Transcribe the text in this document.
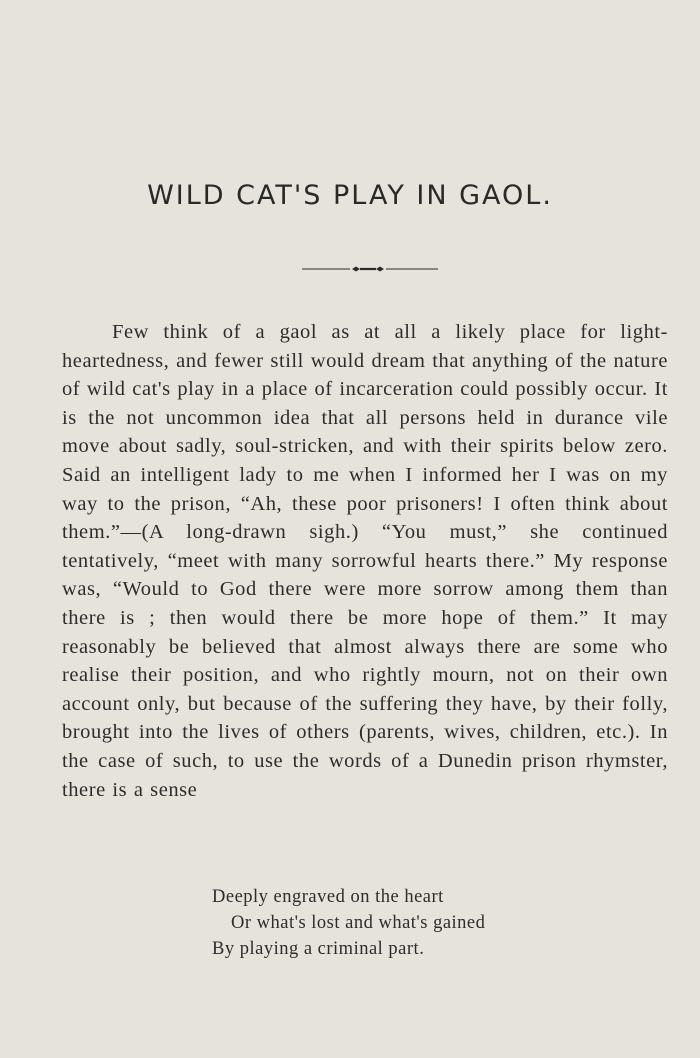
WILD CAT'S PLAY IN GAOL.

Few think of a gaol as at all a likely place for light-heartedness, and fewer still would dream that anything of the nature of wild cat's play in a place of incarceration could possibly occur. It is the not uncommon idea that all persons held in durance vile move about sadly, soul-stricken, and with their spirits below zero. Said an intelligent lady to me when I informed her I was on my way to the prison, “Ah, these poor prisoners! I often think about them.”—(A long-drawn sigh.) “You must,” she continued tentatively, “meet with many sorrowful hearts there.” My response was, “Would to God there were more sorrow among them than there is ; then would there be more hope of them.” It may reasonably be believed that almost always there are some who realise their position, and who rightly mourn, not on their own account only, but because of the suffering they have, by their folly, brought into the lives of others (parents, wives, children, etc.). In the case of such, to use the words of a Dunedin prison rhymster, there is a sense

Deeply engraved on the heart
Or what's lost and what's gained
By playing a criminal part.
